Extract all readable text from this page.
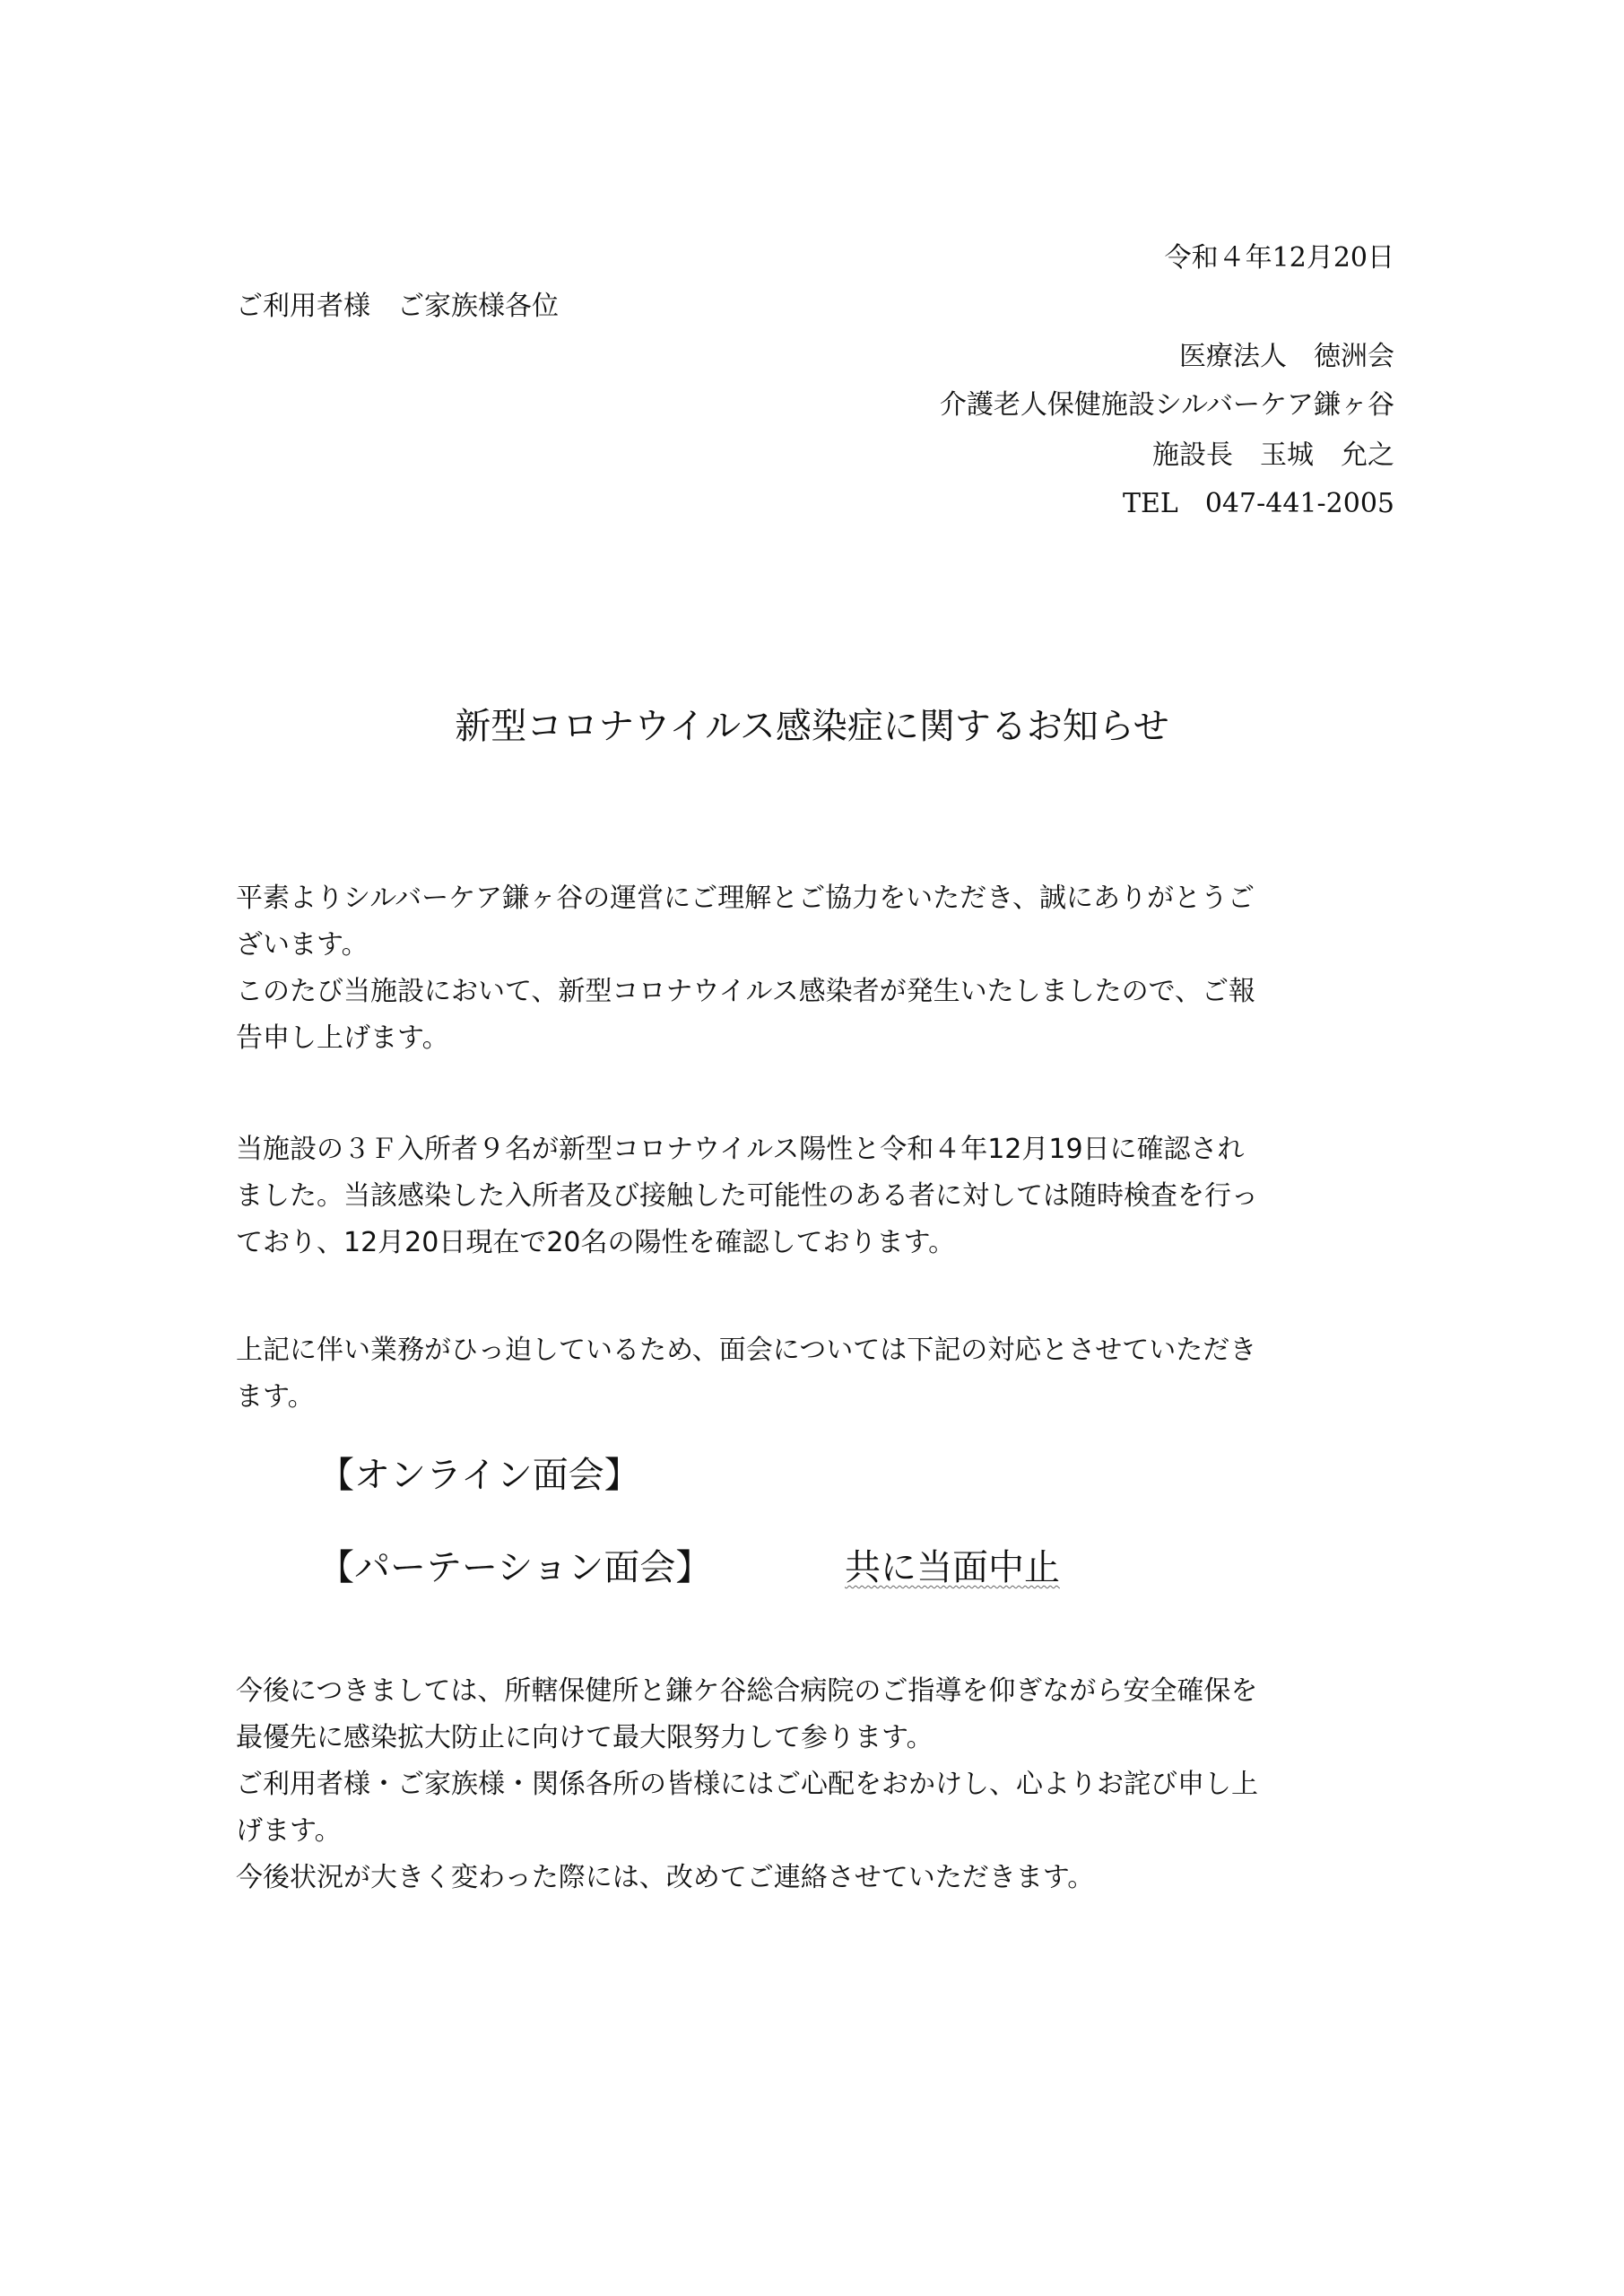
令和４年12月20日
ご利用者様　ご家族様各位
医療法人　徳洲会
介護老人保健施設シルバーケア鎌ヶ谷
施設長　玉城　允之
TEL　047-441-2005
新型コロナウイルス感染症に関するお知らせ
平素よりシルバーケア鎌ヶ谷の運営にご理解とご協力をいただき、誠にありがとうご
ざいます。
このたび当施設において、新型コロナウイルス感染者が発生いたしましたので、ご報
告申し上げます。
当施設の３Ｆ入所者９名が新型コロナウイルス陽性と令和４年12月19日に確認され
ました。当該感染した入所者及び接触した可能性のある者に対しては随時検査を行っ
ており、12月20日現在で20名の陽性を確認しております。
上記に伴い業務がひっ迫しているため、面会については下記の対応とさせていただき
ます。
【オンライン面会】
【パーテーション面会】	共に当面中止
今後につきましては、所轄保健所と鎌ケ谷総合病院のご指導を仰ぎながら安全確保を
最優先に感染拡大防止に向けて最大限努力して参ります。
ご利用者様・ご家族様・関係各所の皆様にはご心配をおかけし、心よりお詫び申し上
げます。
今後状況が大きく変わった際には、改めてご連絡させていただきます。
